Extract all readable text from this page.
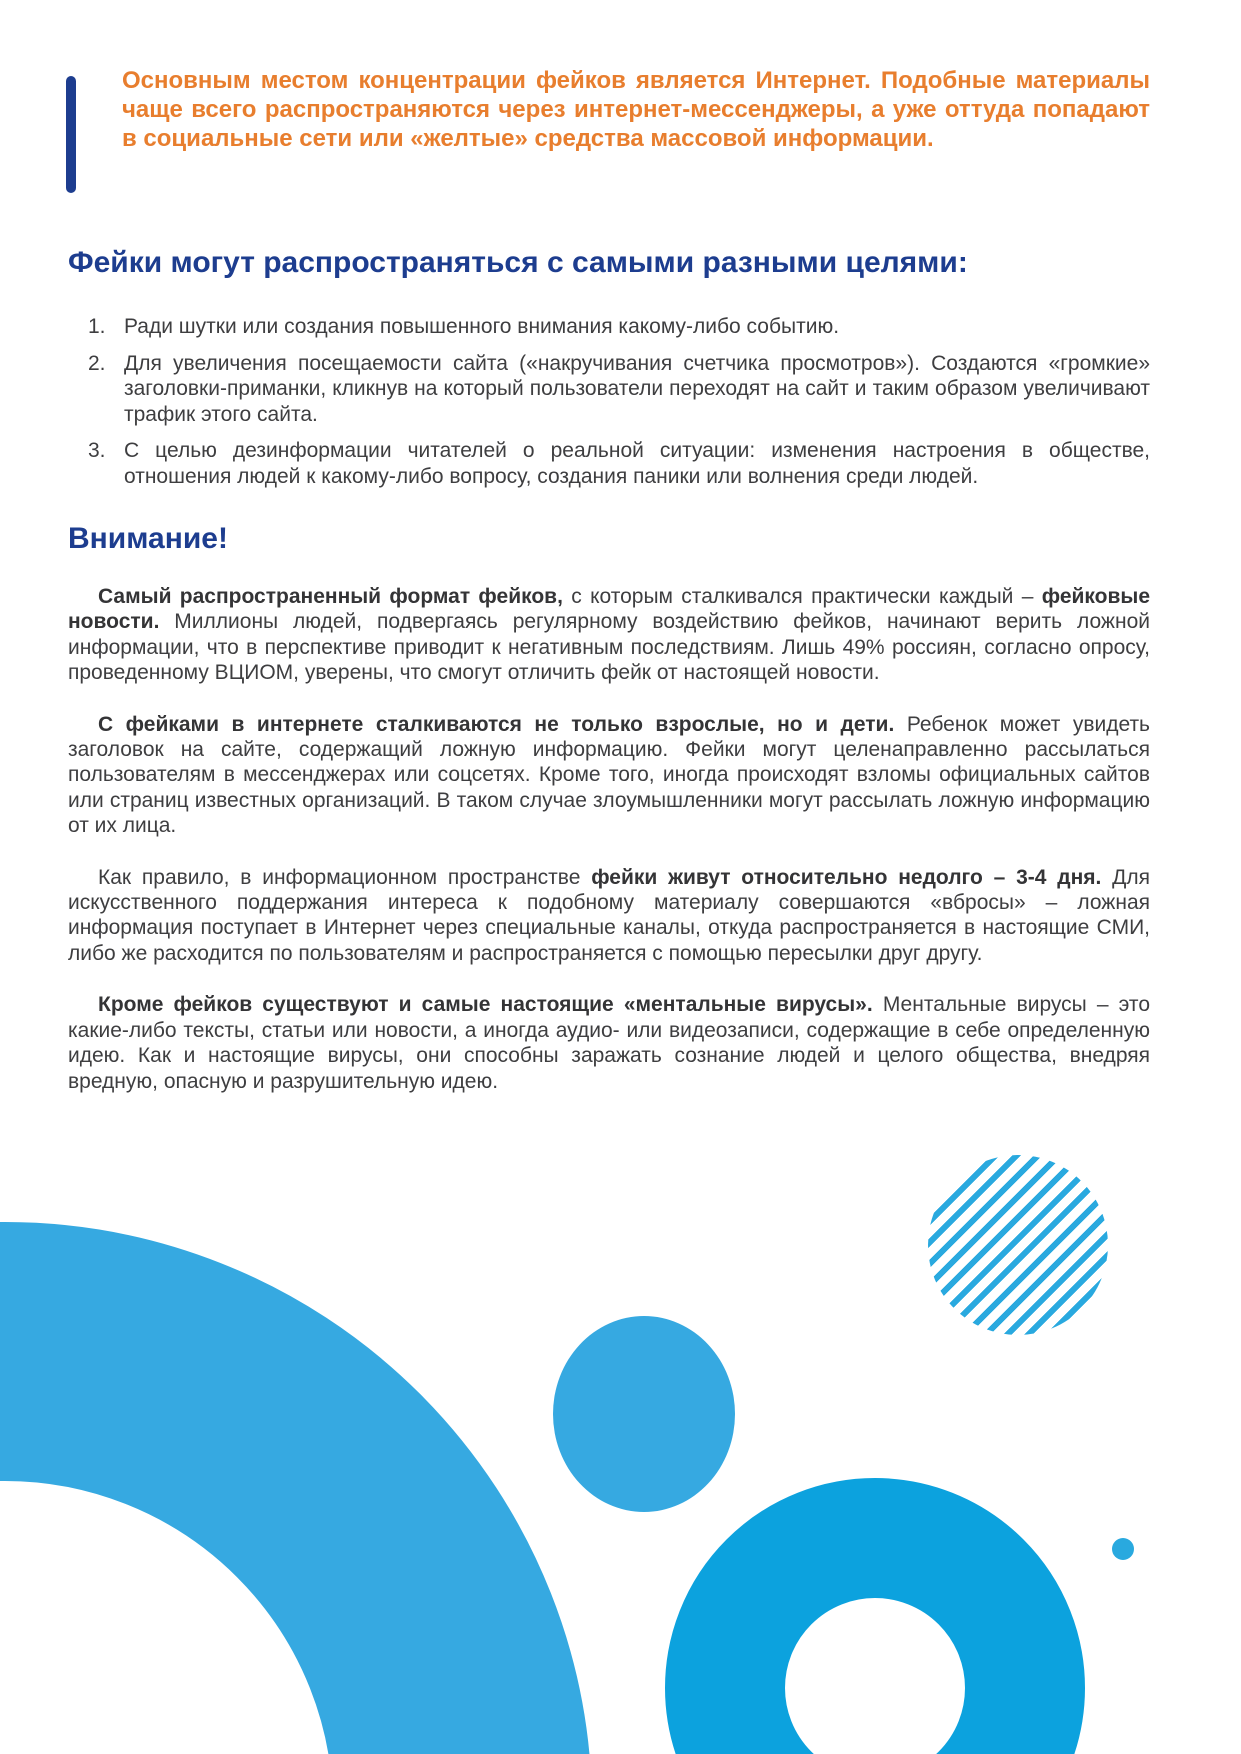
Основным местом концентрации фейков является Интернет. Подобные материалы чаще всего распространяются через интернет-мессенджеры, а уже оттуда попадают в социальные сети или «желтые» средства массовой информации.

Фейки могут распространяться с самыми разными целями:
1. Ради шутки или создания повышенного внимания какому-либо событию.
2. Для увеличения посещаемости сайта («накручивания счетчика просмотров»). Создаются «громкие» заголовки-приманки, кликнув на который пользователи переходят на сайт и таким образом увеличивают трафик этого сайта.
3. С целью дезинформации читателей о реальной ситуации: изменения настроения в обществе, отношения людей к какому-либо вопросу, создания паники или волнения среди людей.
Внимание!

Самый распространенный формат фейков, с которым сталкивался практически каждый – фейковые новости. Миллионы людей, подвергаясь регулярному воздействию фейков, начинают верить ложной информации, что в перспективе приводит к негативным последствиям. Лишь 49% россиян, согласно опросу, проведенному ВЦИОМ, уверены, что смогут отличить фейк от настоящей новости.

С фейками в интернете сталкиваются не только взрослые, но и дети. Ребенок может увидеть заголовок на сайте, содержащий ложную информацию. Фейки могут целенаправленно рассылаться пользователям в мессенджерах или соцсетях. Кроме того, иногда происходят взломы официальных сайтов или страниц известных организаций. В таком случае злоумышленники могут рассылать ложную информацию от их лица.

Как правило, в информационном пространстве фейки живут относительно недолго – 3-4 дня. Для искусственного поддержания интереса к подобному материалу совершаются «вбросы» – ложная информация поступает в Интернет через специальные каналы, откуда распространяется в настоящие СМИ, либо же расходится по пользователям и распространяется с помощью пересылки друг другу.

Кроме фейков существуют и самые настоящие «ментальные вирусы». Ментальные вирусы – это какие-либо тексты, статьи или новости, а иногда аудио- или видеозаписи, содержащие в себе определенную идею. Как и настоящие вирусы, они способны заражать сознание людей и целого общества, внедряя вредную, опасную и разрушительную идею.
